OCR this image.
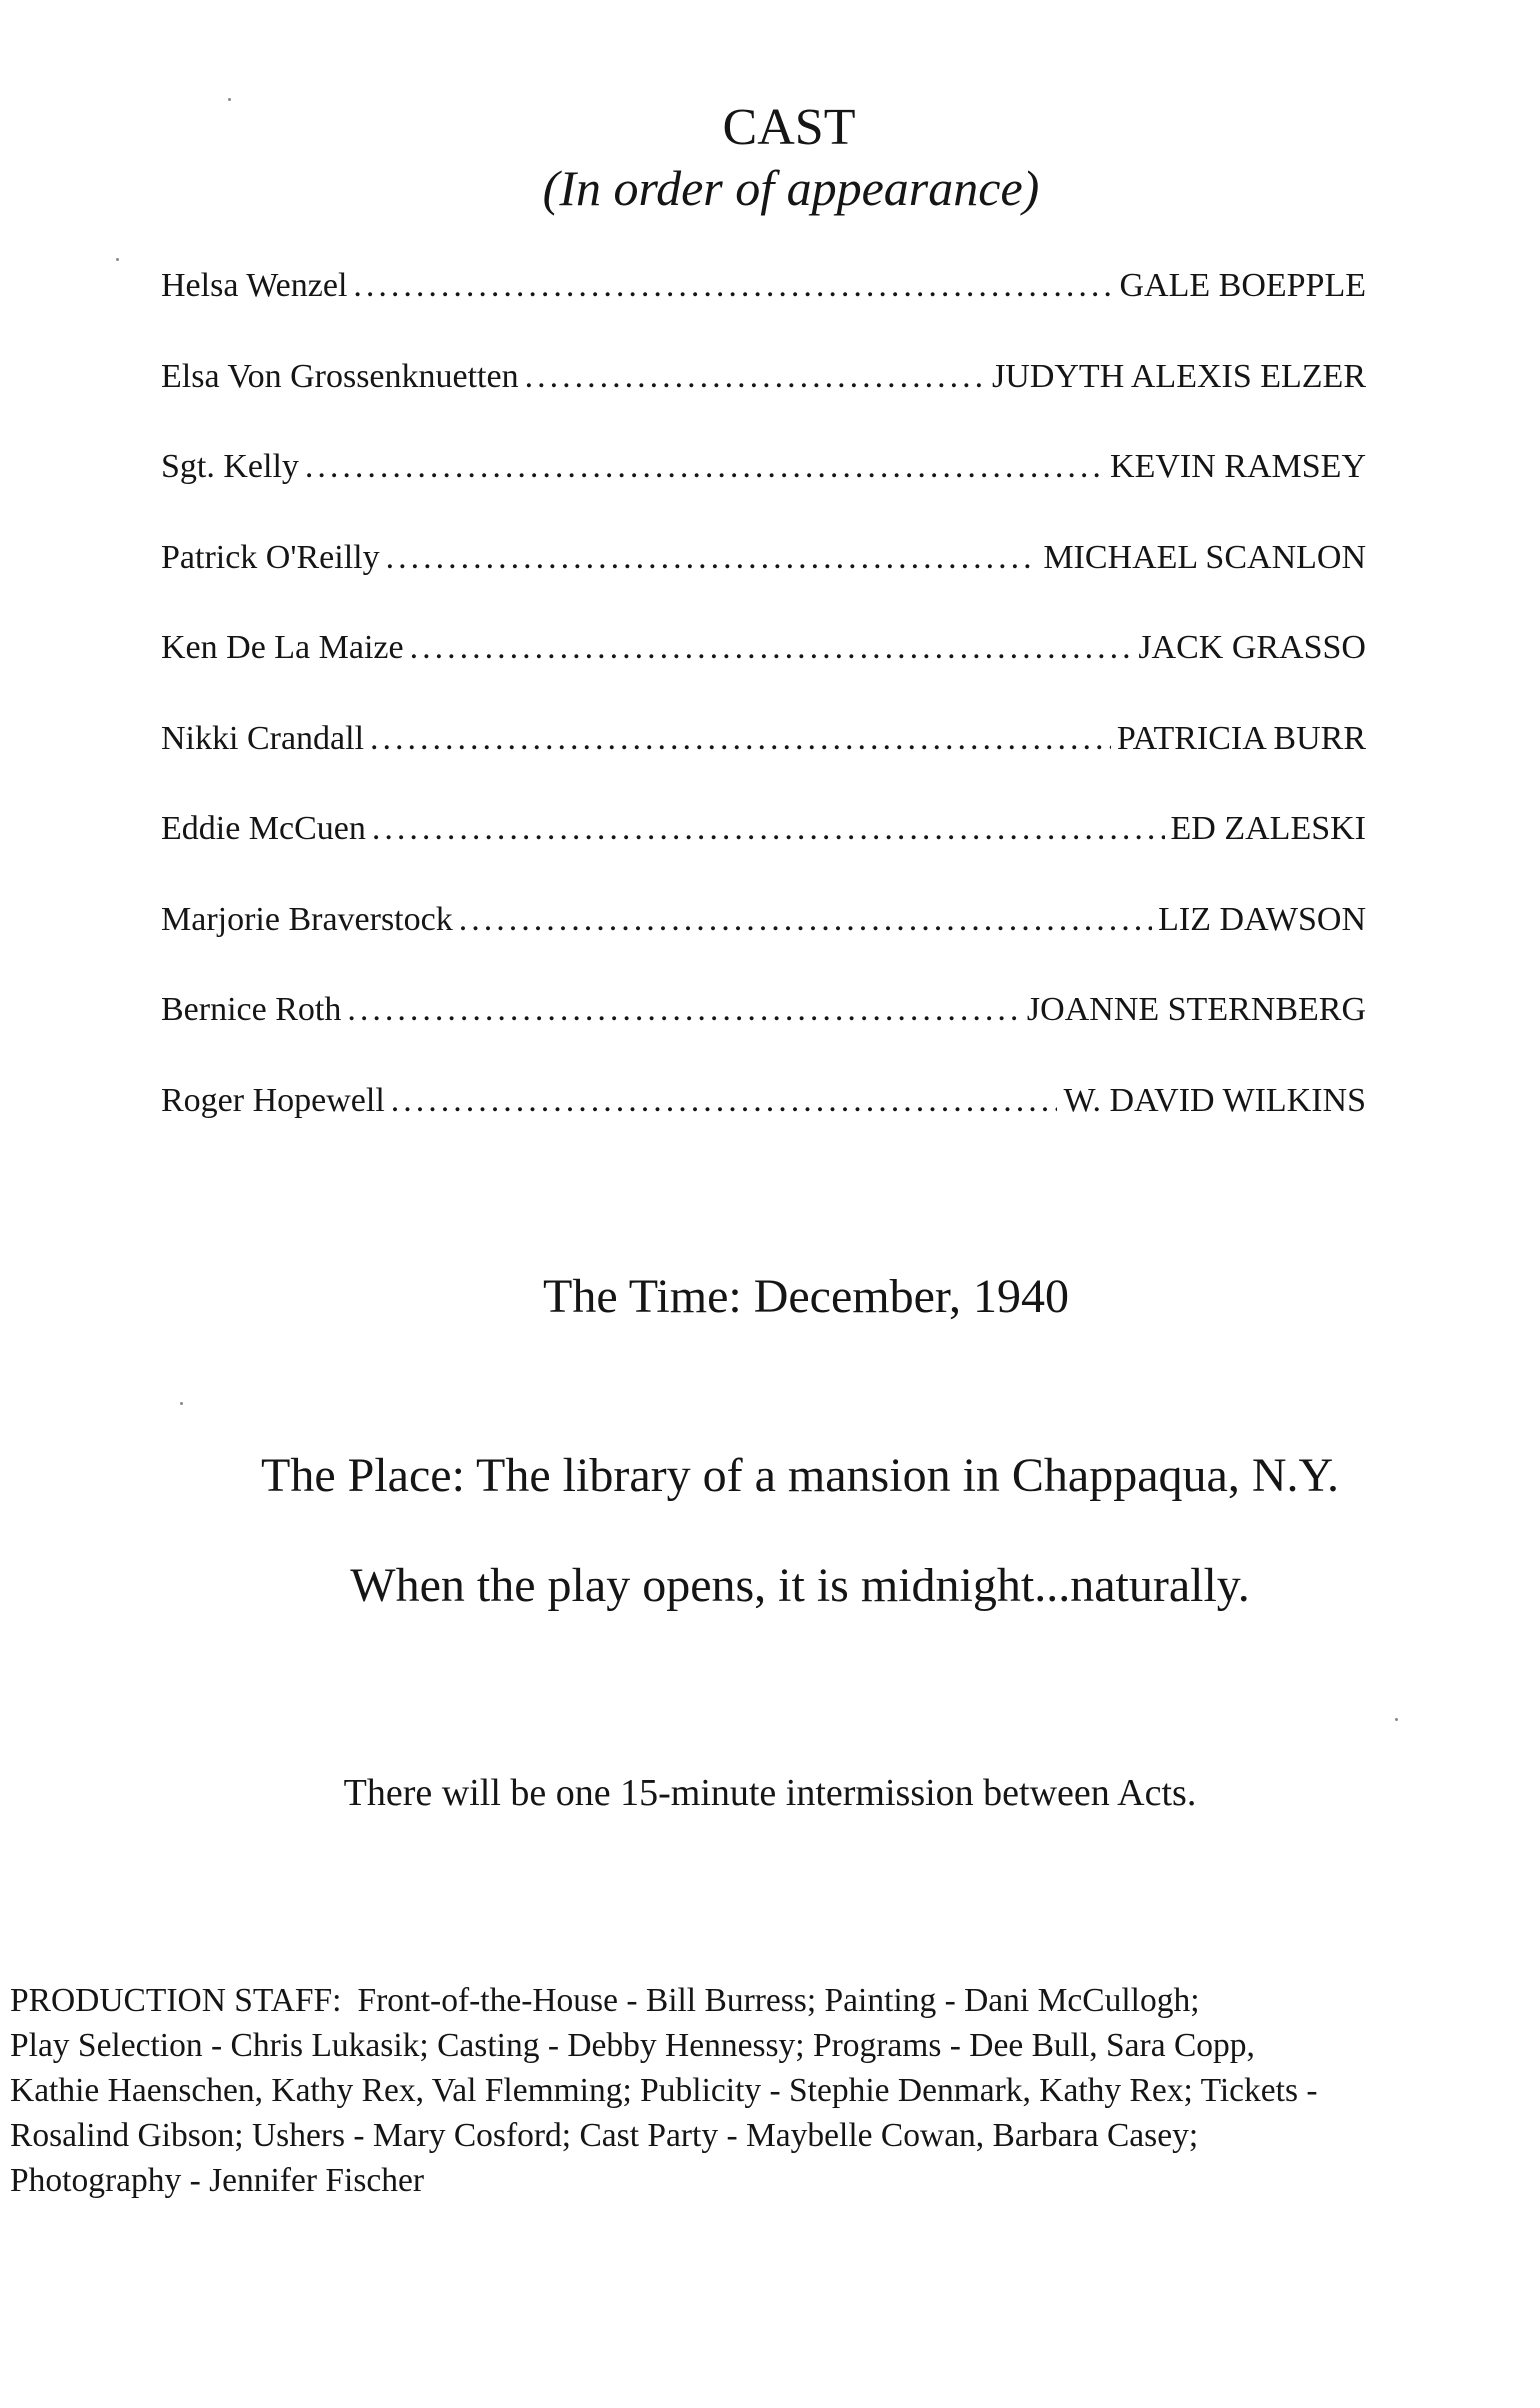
CAST
(In order of appearance)
Helsa Wenzel .....	GALE BOEPPLE
Elsa Von Grossenknuetten .....	JUDYTH ALEXIS ELZER
Sgt. Kelly .....	KEVIN RAMSEY
Patrick O'Reilly .....	MICHAEL SCANLON
Ken De La Maize .....	JACK GRASSO
Nikki Crandall .....	PATRICIA BURR
Eddie McCuen .....	ED ZALESKI
Marjorie Braverstock .....	LIZ DAWSON
Bernice Roth .....	JOANNE STERNBERG
Roger Hopewell .....	W. DAVID WILKINS
The Time: December, 1940
The Place: The library of a mansion in Chappaqua, N.Y.
When the play opens, it is midnight...naturally.
There will be one 15-minute intermission between Acts.
PRODUCTION STAFF: Front-of-the-House - Bill Burress; Painting - Dani McCullogh;
Play Selection - Chris Lukasik; Casting - Debby Hennessy; Programs - Dee Bull, Sara Copp,
Kathie Haenschen, Kathy Rex, Val Flemming; Publicity - Stephie Denmark, Kathy Rex; Tickets -
Rosalind Gibson; Ushers - Mary Cosford; Cast Party - Maybelle Cowan, Barbara Casey;
Photography - Jennifer Fischer
